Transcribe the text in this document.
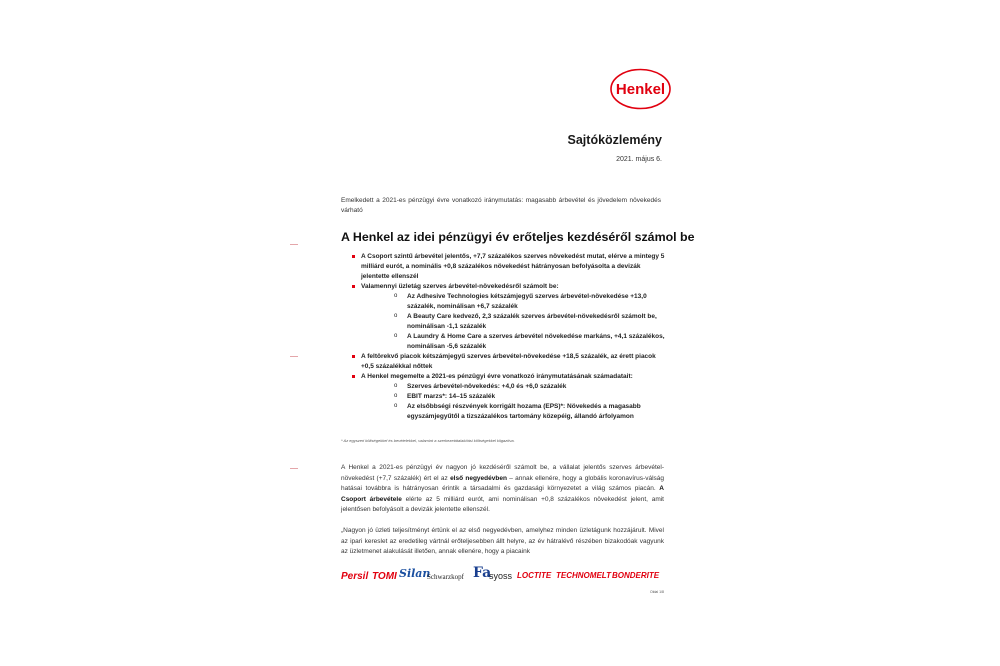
Henkel
Sajtóközlemény
2021. május 6.
Emelkedett a 2021-es pénzügyi évre vonatkozó iránymutatás: magasabb árbevétel és jövedelem növekedés várható
A Henkel az idei pénzügyi év erőteljes kezdéséről számol be
A Csoport szintű árbevétel jelentős, +7,7 százalékos szerves növekedést mutat, elérve a mintegy 5 milliárd eurót, a nominális +0,8 százalékos növekedést hátrányosan befolyásolta a devizák jelentette ellenszél
Valamennyi üzletág szerves árbevétel-növekedésről számolt be:
o Az Adhesive Technologies kétszámjegyű szerves árbevétel-növekedése +13,0 százalék, nominálisan +6,7 százalék
o A Beauty Care kedvező, 2,3 százalék szerves árbevétel-növekedésről számolt be, nominálisan -1,1 százalék
o A Laundry & Home Care a szerves árbevétel növekedése markáns, +4,1 százalékos, nominálisan -5,6 százalék
A feltörekvő piacok kétszámjegyű szerves árbevétel-növekedése +18,5 százalék, az érett piacok +0,5 százalékkal nőttek
A Henkel megemelte a 2021-es pénzügyi évre vonatkozó iránymutatásának számadatait:
o Szerves árbevétel-növekedés: +4,0 és +6,0 százalék
o EBIT marzs*: 14–15 százalék
o Az elsőbbségi részvények korrigált hozama (EPS)*: Növekedés a magasabb egyszámjegyűtől a tizszázalékos tartomány közepéig, állandó árfolyamon
* Az egyszeri költségekkel és bevételekkel, valamint a szerkezetátalakítási költségekkel kiigazítva.
A Henkel a 2021-es pénzügyi év nagyon jó kezdéséről számolt be, a vállalat jelentős szerves árbevétel-növekedést (+7,7 százalék) ért el az első negyedévben – annak ellenére, hogy a globális koronavírus-válság hatásai továbbra is hátrányosan érintik a társadalmi és gazdasági környezetet a világ számos piacán. A Csoport árbevétele elérte az 5 milliárd eurót, ami nominálisan +0,8 százalékos növekedést jelent, amit jelentősen befolyásolt a devizák jelentette ellenszél.
„Nagyon jó üzleti teljesítményt értünk el az első negyedévben, amelyhez minden üzletágunk hozzájárult. Mivel az ipari kereslet az eredetileg vártnál erőteljesebben állt helyre, az év hátralévő részében bizakodóak vagyunk az üzletmenet alakulását illetően, annak ellenére, hogy a piacaink
Persil TOMI Silan
Schwarzkopf Fa
syoss LOCTITE TECHNOMELT BONDERITE
Oldal 1/8
